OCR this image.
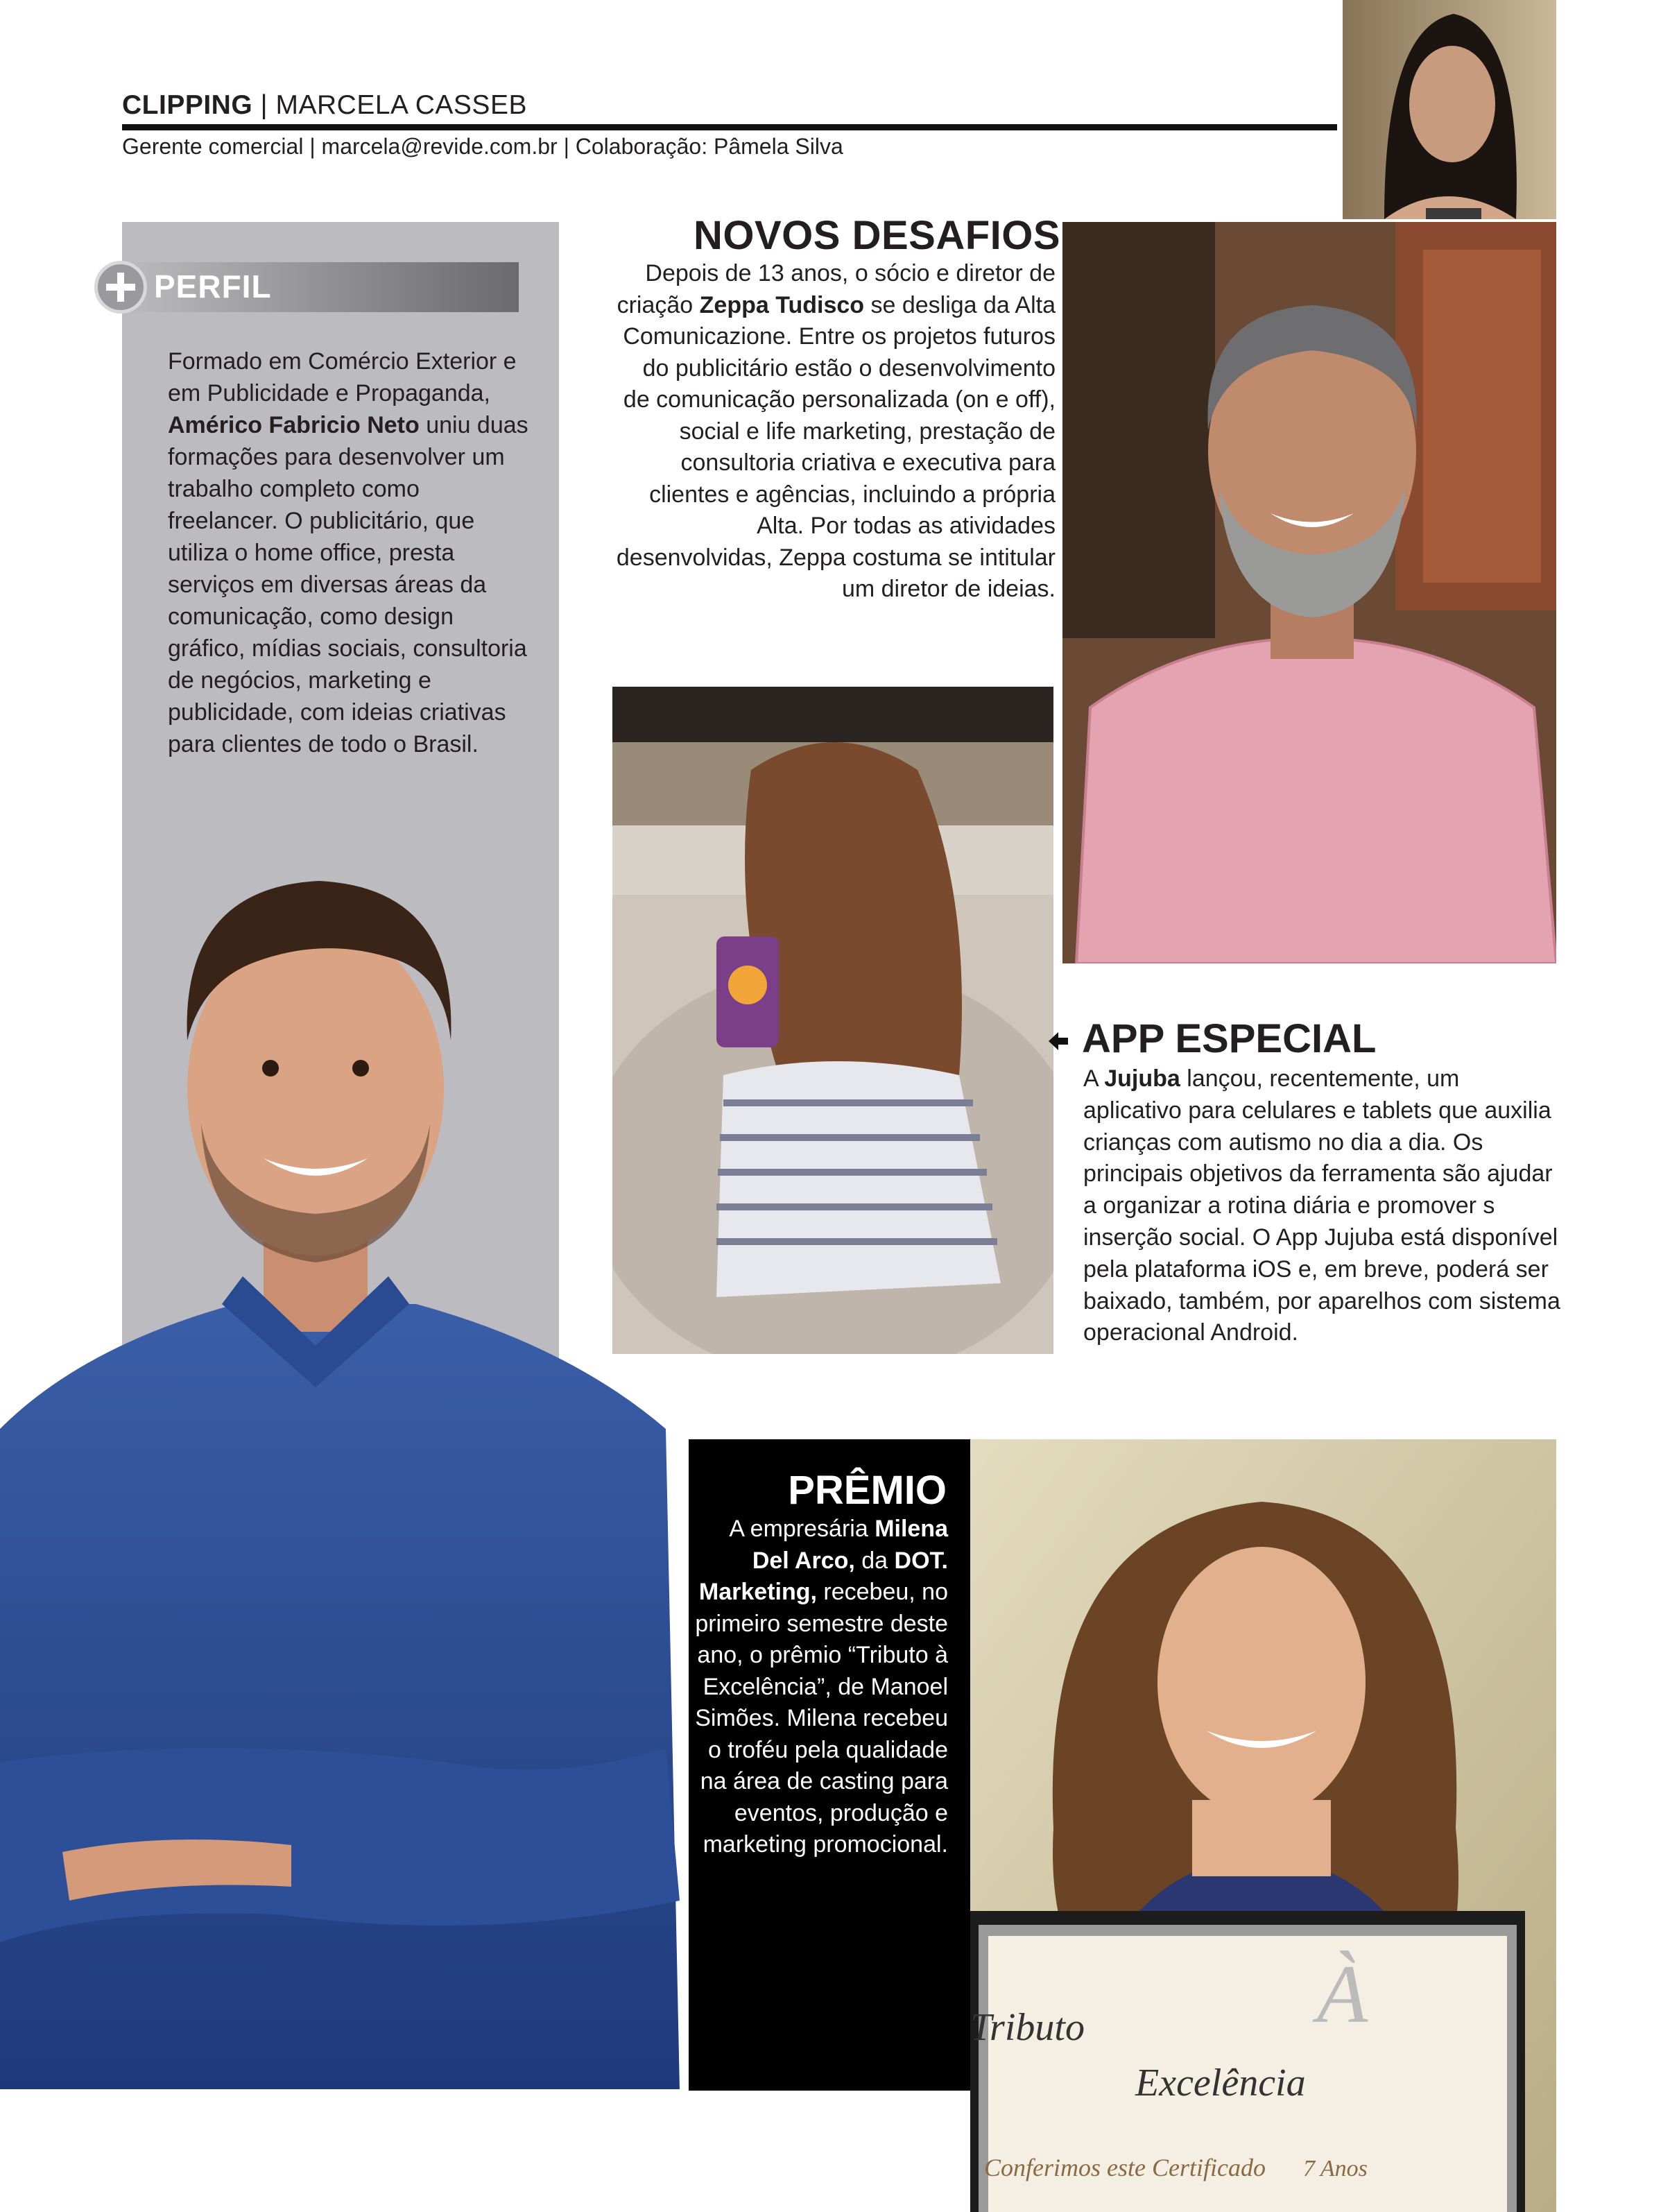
CLIPPING | MARCELA CASSEB
Gerente comercial | marcela@revide.com.br | Colaboração: Pâmela Silva
PERFIL
Formado em Comércio Exterior e em Publicidade e Propaganda, Américo Fabricio Neto uniu duas formações para desenvolver um trabalho completo como freelancer. O publicitário, que utiliza o home office, presta serviços em diversas áreas da comunicação, como design gráfico, mídias sociais, consultoria de negócios, marketing e publicidade, com ideias criativas para clientes de todo o Brasil.
NOVOS DESAFIOS
Depois de 13 anos, o sócio e diretor de criação Zeppa Tudisco se desliga da Alta Comunicazione. Entre os projetos futuros do publicitário estão o desenvolvimento de comunicação personalizada (on e off), social e life marketing, prestação de consultoria criativa e executiva para clientes e agências, incluindo a própria Alta. Por todas as atividades desenvolvidas, Zeppa costuma se intitular um diretor de ideias.
APP ESPECIAL
A Jujuba lançou, recentemente, um aplicativo para celulares e tablets que auxilia crianças com autismo no dia a dia. Os principais objetivos da ferramenta são ajudar a organizar a rotina diária e promover s inserção social. O App Jujuba está disponível pela plataforma iOS e, em breve, poderá ser baixado, também, por aparelhos com sistema operacional Android.
PRÊMIO
A empresária Milena Del Arco, da DOT. Marketing, recebeu, no primeiro semestre deste ano, o prêmio “Tributo à Excelência”, de Manoel Simões. Milena recebeu o troféu pela qualidade na área de casting para eventos, produção e marketing promocional.
Tributo	À
Excelência
Conferimos este Certificado 7 Anos
